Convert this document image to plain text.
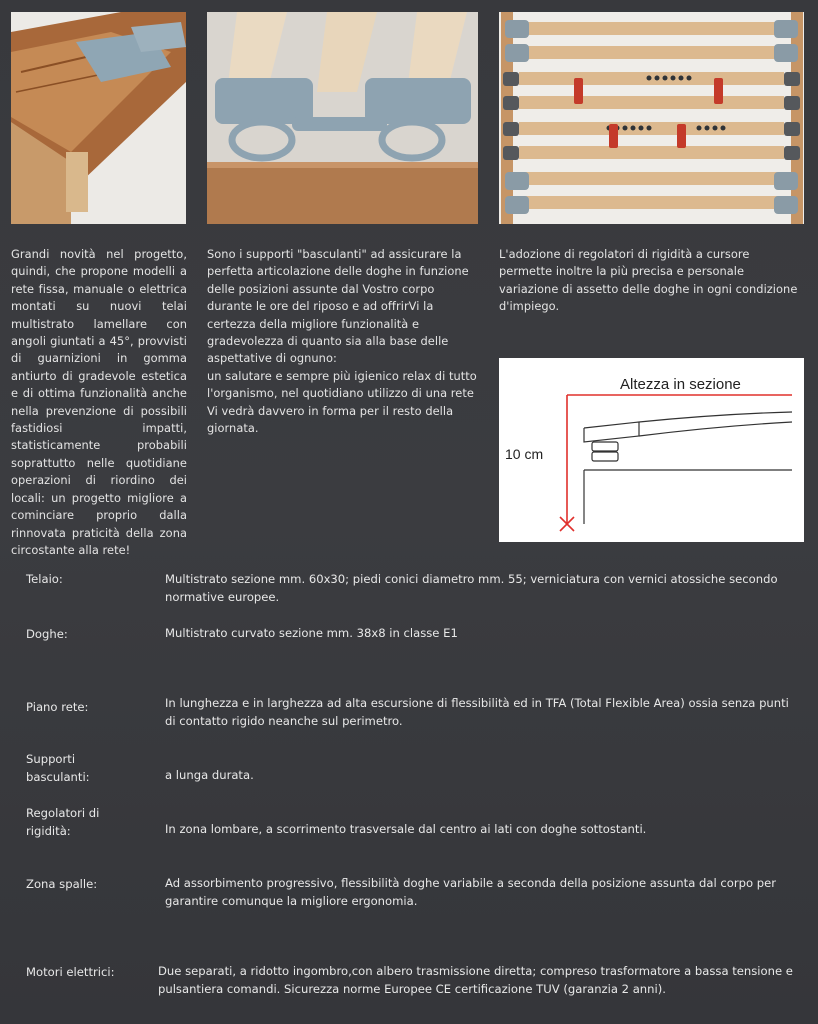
Grandi novità nel progetto, quindi, che propone modelli a rete fissa, manuale o elettrica montati su nuovi telai multistrato lamellare con angoli giuntati a 45°, provvisti di guarnizioni in gomma antiurto di gradevole estetica e di ottima funzionalità anche nella prevenzione di possibili fastidiosi impatti, statisticamente probabili soprattutto nelle quotidiane operazioni di riordino dei locali: un progetto migliore a cominciare proprio dalla rinnovata praticità della zona circostante alla rete!

Sono i supporti "basculanti" ad assicurare la perfetta articolazione delle doghe in funzione delle posizioni assunte dal Vostro corpo durante le ore del riposo e ad offrirVi la certezza della migliore funzionalità e gradevolezza di quanto sia alla base delle aspettative di ognuno:

un salutare e sempre più igienico relax di tutto l'organismo, nel quotidiano utilizzo di una rete Vi vedrà davvero in forma per il resto della giornata.

L'adozione di regolatori di rigidità a cursore permette inoltre la più precisa e personale variazione di assetto delle doghe in ogni condizione d'impiego.

Altezza in sezione
10 cm
Telaio:	Multistrato sezione mm. 60x30; piedi conici diametro mm. 55; verniciatura con vernici atossiche secondo normative europee.
Doghe:	Multistrato curvato sezione mm. 38x8 in classe E1
Piano rete:	In lunghezza e in larghezza ad alta escursione di flessibilità ed in TFA (Total Flexible Area) ossia senza punti di contatto rigido neanche sul perimetro.
Supporti basculanti:	a lunga durata.
Regolatori di rigidità:	In zona lombare, a scorrimento trasversale dal centro ai lati con doghe sottostanti.
Zona spalle:	Ad assorbimento progressivo, flessibilità doghe variabile a seconda della posizione assunta dal corpo per garantire comunque la migliore ergonomia.
Motori elettrici:	Due separati, a ridotto ingombro,con albero trasmissione diretta; compreso trasformatore a bassa tensione e pulsantiera comandi. Sicurezza norme Europee CE certificazione TUV (garanzia 2 anni).
